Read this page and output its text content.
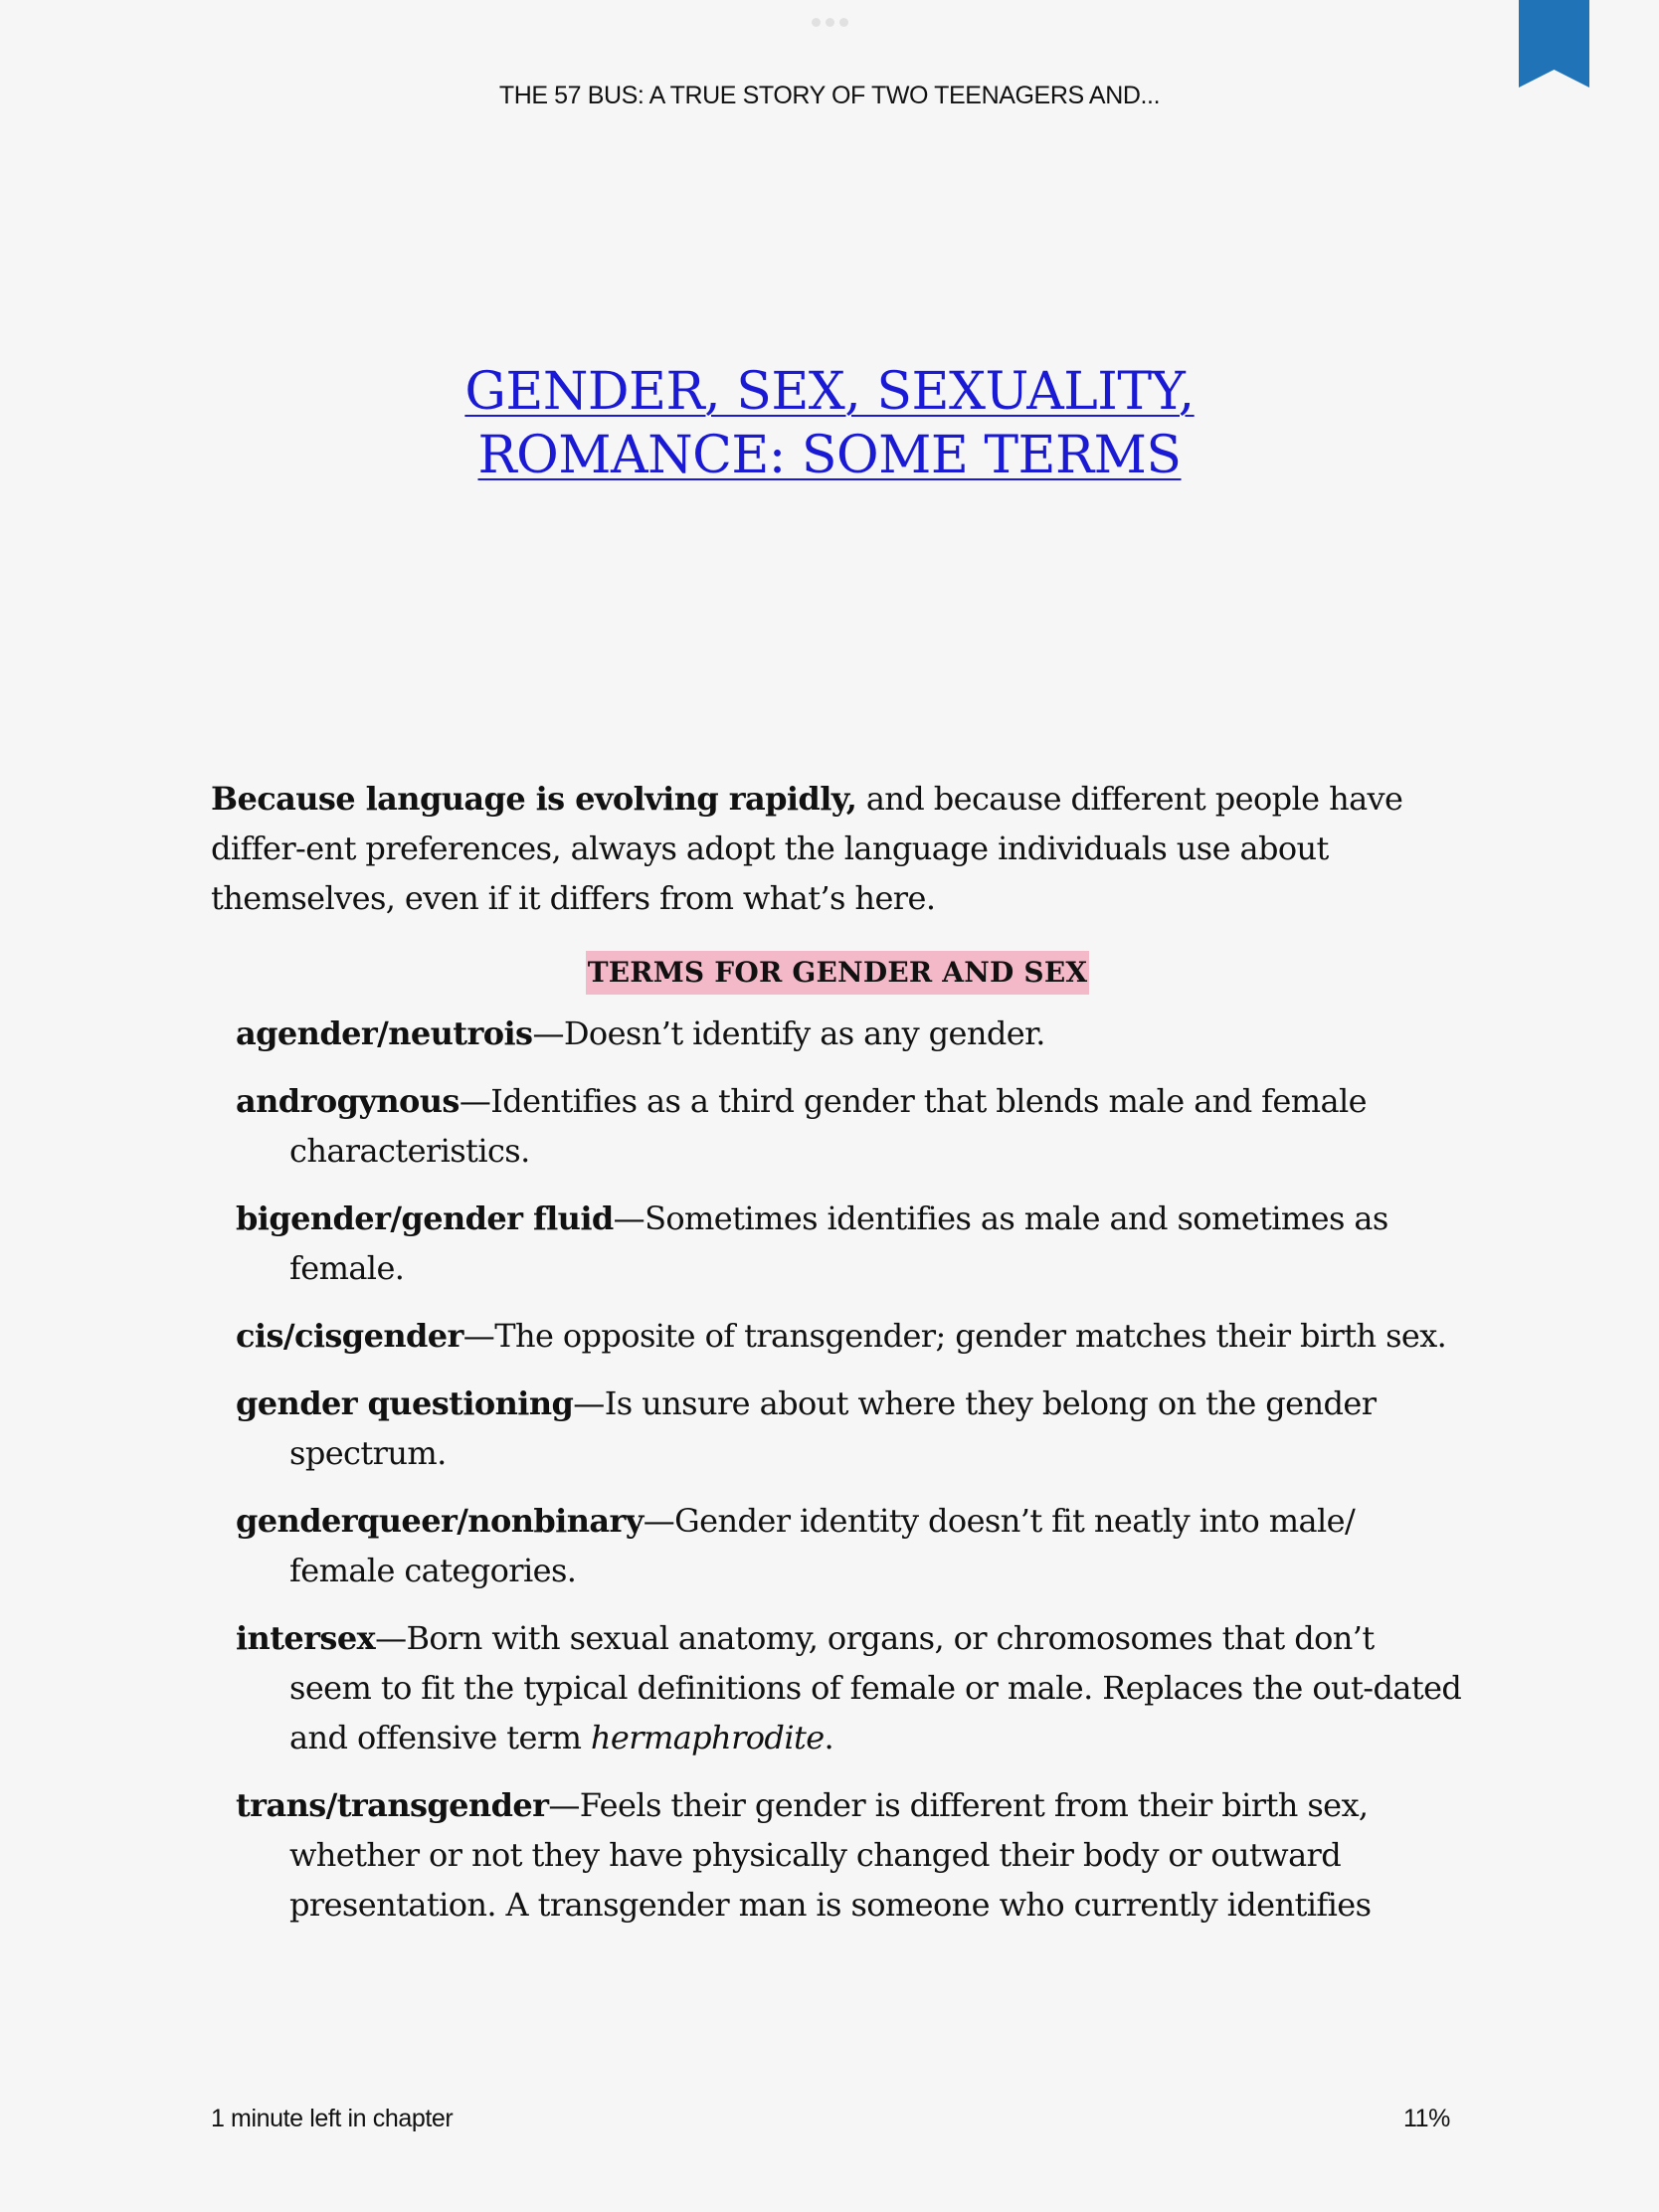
THE 57 BUS: A TRUE STORY OF TWO TEENAGERS AND...
GENDER, SEX, SEXUALITY,
ROMANCE: SOME TERMS

Because language is evolving rapidly, and because different people have differ-ent preferences, always adopt the language individuals use about themselves, even if it differs from what’s here.

TERMS FOR GENDER AND SEX

agender/neutrois—Doesn’t identify as any gender.

androgynous—Identifies as a third gender that blends male and female characteristics.

bigender/gender fluid—Sometimes identifies as male and sometimes as female.

cis/cisgender—The opposite of transgender; gender matches their birth sex.

gender questioning—Is unsure about where they belong on the gender spectrum.

genderqueer/nonbinary—Gender identity doesn’t fit neatly into male/ female categories.

intersex—Born with sexual anatomy, organs, or chromosomes that don’t seem to fit the typical definitions of female or male. Replaces the out-dated and offensive term hermaphrodite.

trans/transgender—Feels their gender is different from their birth sex, whether or not they have physically changed their body or outward presentation. A transgender man is someone who currently identifies

1 minute left in chapter	11%
